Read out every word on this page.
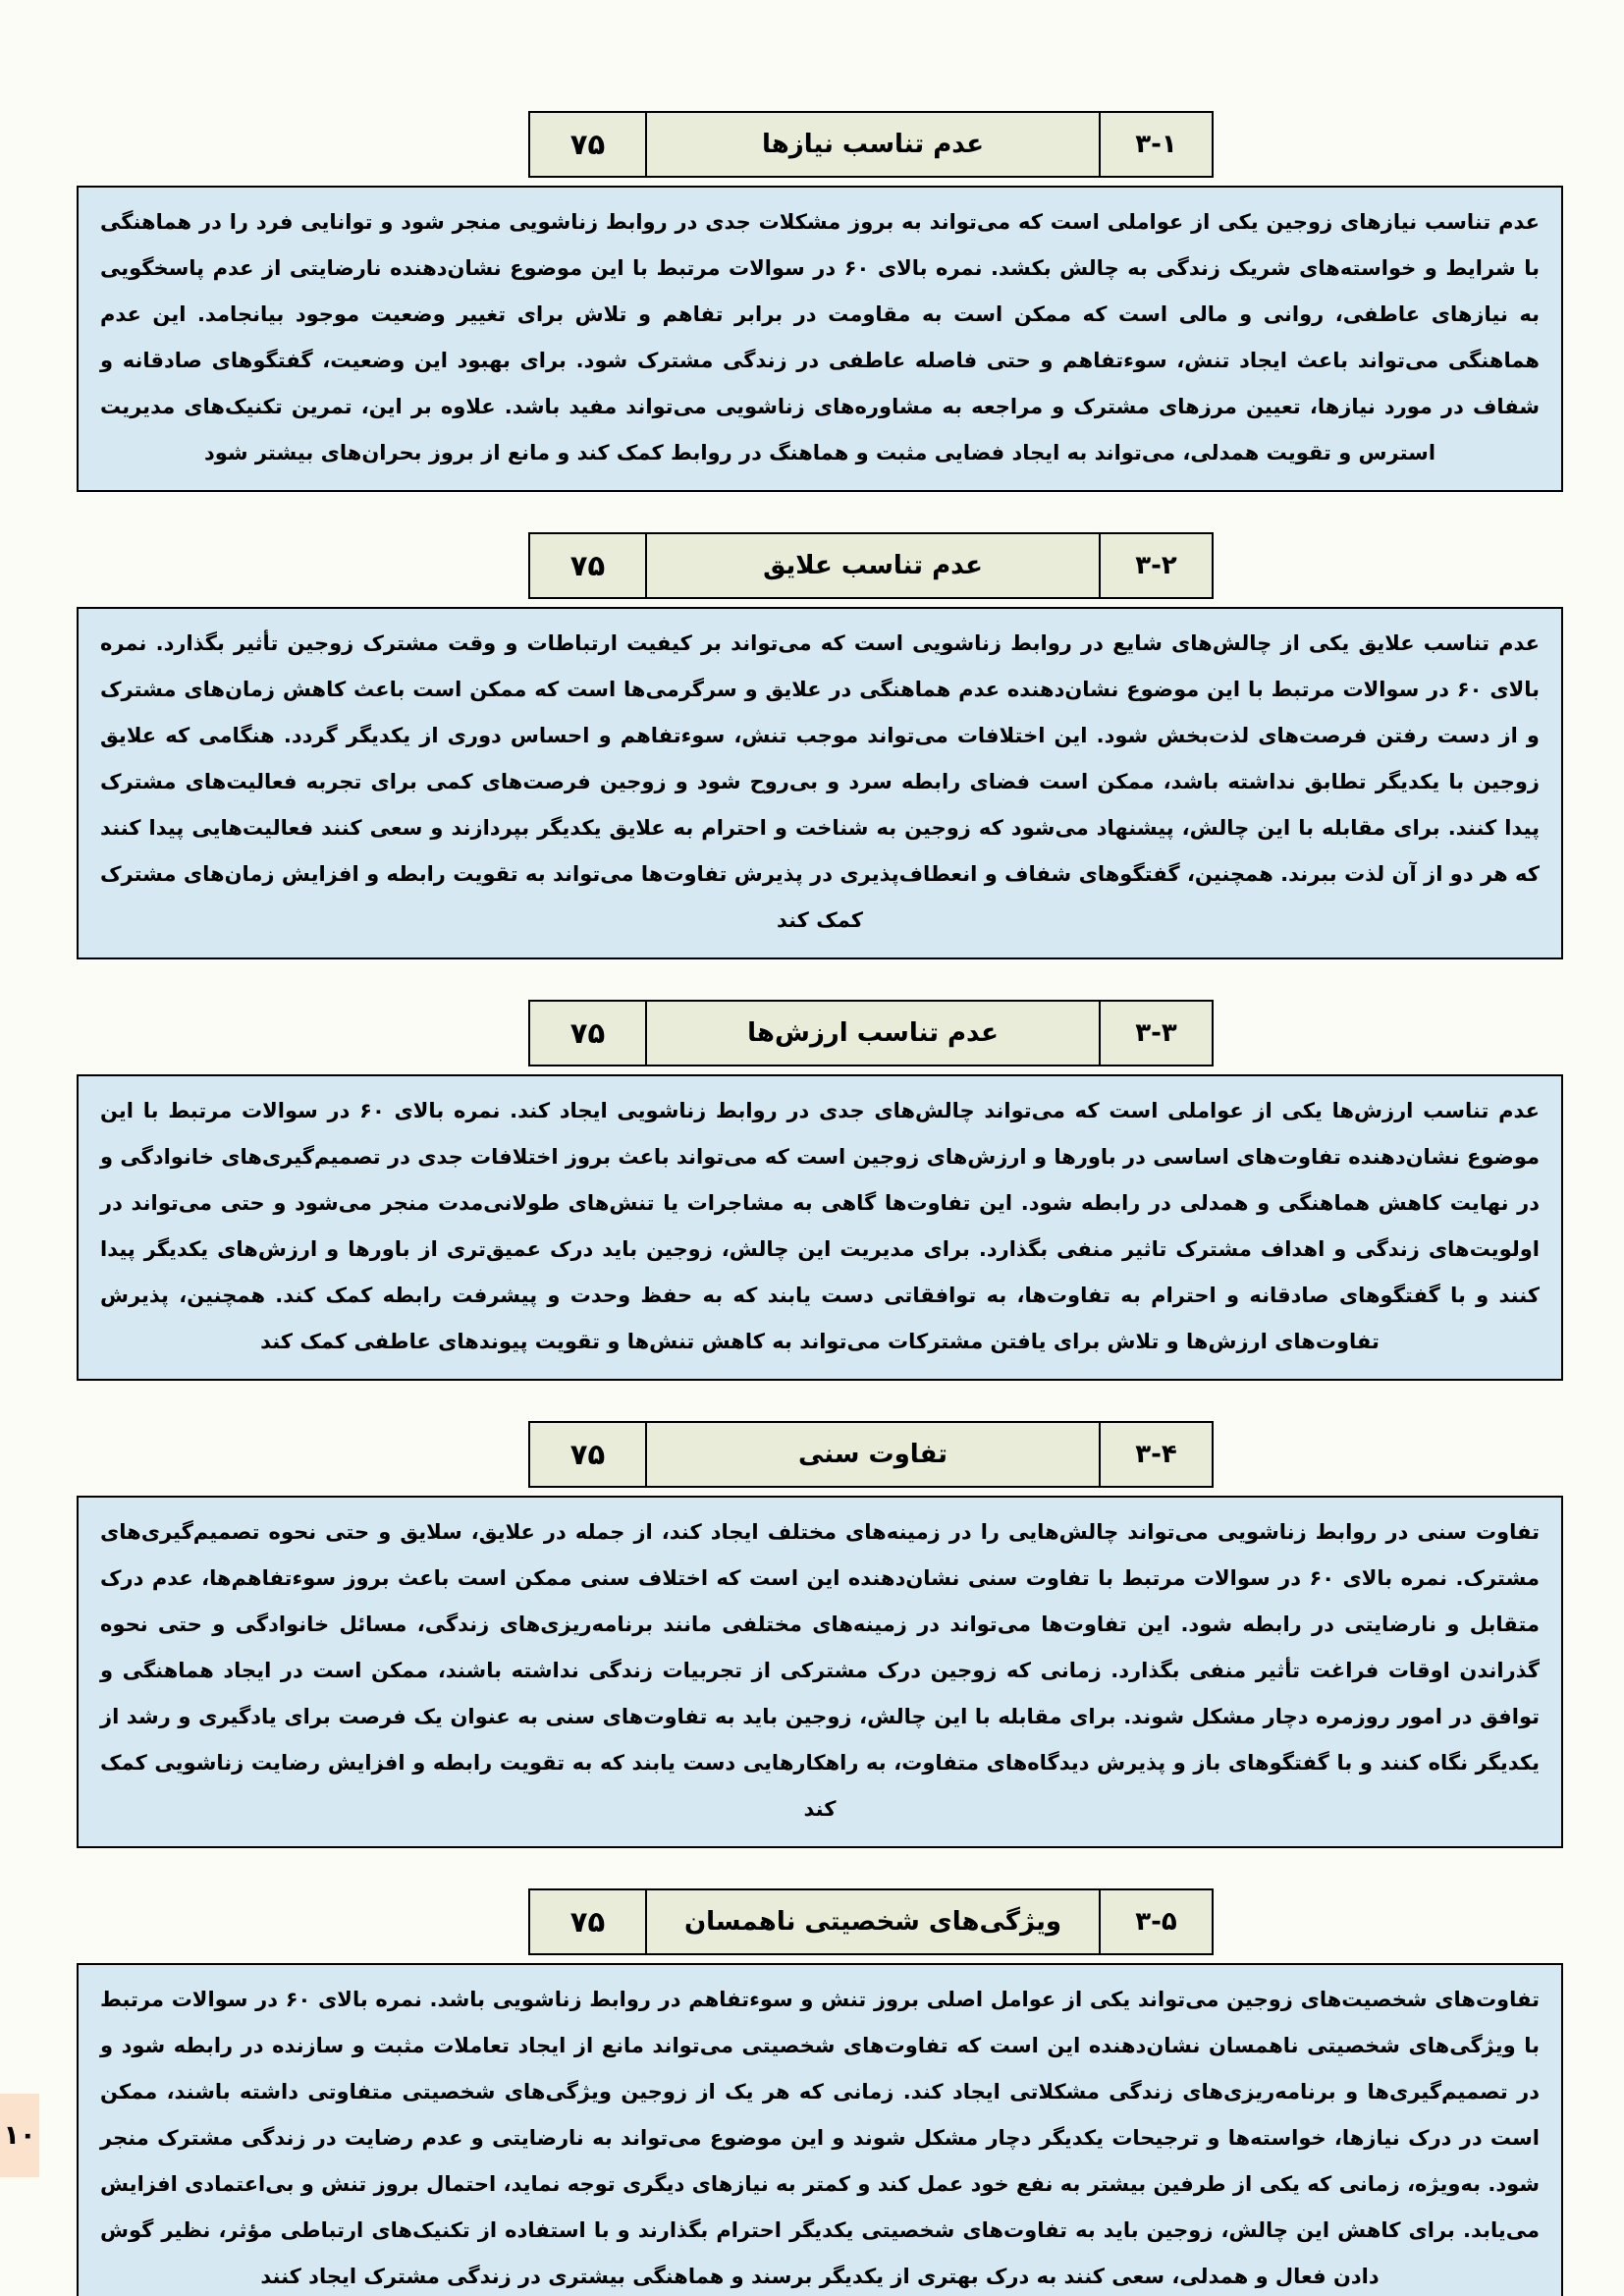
۳-۱
عدم تناسب نیازها
۷۵
عدم تناسب نیازهای زوجین یکی از عواملی است که می‌تواند به بروز مشکلات جدی در روابط زناشویی منجر شود و توانایی فرد را در هماهنگی با شرایط و خواسته‌های شریک زندگی به چالش بکشد. نمره بالای ۶۰ در سوالات مرتبط با این موضوع نشان‌دهنده نارضایتی از عدم پاسخگویی به نیازهای عاطفی، روانی و مالی است که ممکن است به مقاومت در برابر تفاهم و تلاش برای تغییر وضعیت موجود بیانجامد. این عدم هماهنگی می‌تواند باعث ایجاد تنش، سوءتفاهم و حتی فاصله عاطفی در زندگی مشترک شود. برای بهبود این وضعیت، گفتگوهای صادقانه و شفاف در مورد نیازها، تعیین مرزهای مشترک و مراجعه به مشاوره‌های زناشویی می‌تواند مفید باشد. علاوه بر این، تمرین تکنیک‌های مدیریت استرس و تقویت همدلی، می‌تواند به ایجاد فضایی مثبت و هماهنگ در روابط کمک کند و مانع از بروز بحران‌های بیشتر شود
۳-۲
عدم تناسب علایق
۷۵
عدم تناسب علایق یکی از چالش‌های شایع در روابط زناشویی است که می‌تواند بر کیفیت ارتباطات و وقت مشترک زوجین تأثیر بگذارد. نمره بالای ۶۰ در سوالات مرتبط با این موضوع نشان‌دهنده عدم هماهنگی در علایق و سرگرمی‌ها است که ممکن است باعث کاهش زمان‌های مشترک و از دست رفتن فرصت‌های لذت‌بخش شود. این اختلافات می‌تواند موجب تنش، سوءتفاهم و احساس دوری از یکدیگر گردد. هنگامی که علایق زوجین با یکدیگر تطابق نداشته باشد، ممکن است فضای رابطه سرد و بی‌روح شود و زوجین فرصت‌های کمی برای تجربه فعالیت‌های مشترک پیدا کنند. برای مقابله با این چالش، پیشنهاد می‌شود که زوجین به شناخت و احترام به علایق یکدیگر بپردازند و سعی کنند فعالیت‌هایی پیدا کنند که هر دو از آن لذت ببرند. همچنین، گفتگوهای شفاف و انعطاف‌پذیری در پذیرش تفاوت‌ها می‌تواند به تقویت رابطه و افزایش زمان‌های مشترک کمک کند
۳-۳
عدم تناسب ارزش‌ها
۷۵
عدم تناسب ارزش‌ها یکی از عواملی است که می‌تواند چالش‌های جدی در روابط زناشویی ایجاد کند. نمره بالای ۶۰ در سوالات مرتبط با این موضوع نشان‌دهنده تفاوت‌های اساسی در باورها و ارزش‌های زوجین است که می‌تواند باعث بروز اختلافات جدی در تصمیم‌گیری‌های خانوادگی و در نهایت کاهش هماهنگی و همدلی در رابطه شود. این تفاوت‌ها گاهی به مشاجرات یا تنش‌های طولانی‌مدت منجر می‌شود و حتی می‌تواند در اولویت‌های زندگی و اهداف مشترک تاثیر منفی بگذارد. برای مدیریت این چالش، زوجین باید درک عمیق‌تری از باورها و ارزش‌های یکدیگر پیدا کنند و با گفتگوهای صادقانه و احترام به تفاوت‌ها، به توافقاتی دست یابند که به حفظ وحدت و پیشرفت رابطه کمک کند. همچنین، پذیرش تفاوت‌های ارزش‌ها و تلاش برای یافتن مشترکات می‌تواند به کاهش تنش‌ها و تقویت پیوندهای عاطفی کمک کند
۳-۴
تفاوت سنی
۷۵
تفاوت سنی در روابط زناشویی می‌تواند چالش‌هایی را در زمینه‌های مختلف ایجاد کند، از جمله در علایق، سلایق و حتی نحوه تصمیم‌گیری‌های مشترک. نمره بالای ۶۰ در سوالات مرتبط با تفاوت سنی نشان‌دهنده این است که اختلاف سنی ممکن است باعث بروز سوءتفاهم‌ها، عدم درک متقابل و نارضایتی در رابطه شود. این تفاوت‌ها می‌تواند در زمینه‌های مختلفی مانند برنامه‌ریزی‌های زندگی، مسائل خانوادگی و حتی نحوه گذراندن اوقات فراغت تأثیر منفی بگذارد. زمانی که زوجین درک مشترکی از تجربیات زندگی نداشته باشند، ممکن است در ایجاد هماهنگی و توافق در امور روزمره دچار مشکل شوند. برای مقابله با این چالش، زوجین باید به تفاوت‌های سنی به عنوان یک فرصت برای یادگیری و رشد از یکدیگر نگاه کنند و با گفتگوهای باز و پذیرش دیدگاه‌های متفاوت، به راهکارهایی دست یابند که به تقویت رابطه و افزایش رضایت زناشویی کمک کند
۳-۵
ویژگی‌های شخصیتی ناهمسان
۷۵
تفاوت‌های شخصیت‌های زوجین می‌تواند یکی از عوامل اصلی بروز تنش و سوءتفاهم در روابط زناشویی باشد. نمره بالای ۶۰ در سوالات مرتبط با ویژگی‌های شخصیتی ناهمسان نشان‌دهنده این است که تفاوت‌های شخصیتی می‌تواند مانع از ایجاد تعاملات مثبت و سازنده در رابطه شود و در تصمیم‌گیری‌ها و برنامه‌ریزی‌های زندگی مشکلاتی ایجاد کند. زمانی که هر یک از زوجین ویژگی‌های شخصیتی متفاوتی داشته باشند، ممکن است در درک نیازها، خواسته‌ها و ترجیحات یکدیگر دچار مشکل شوند و این موضوع می‌تواند به نارضایتی و عدم رضایت در زندگی مشترک منجر شود. به‌ویژه، زمانی که یکی از طرفین بیشتر به نفع خود عمل کند و کمتر به نیازهای دیگری توجه نماید، احتمال بروز تنش و بی‌اعتمادی افزایش می‌یابد. برای کاهش این چالش، زوجین باید به تفاوت‌های شخصیتی یکدیگر احترام بگذارند و با استفاده از تکنیک‌های ارتباطی مؤثر، نظیر گوش دادن فعال و همدلی، سعی کنند به درک بهتری از یکدیگر برسند و هماهنگی بیشتری در زندگی مشترک ایجاد کنند
۱۰
